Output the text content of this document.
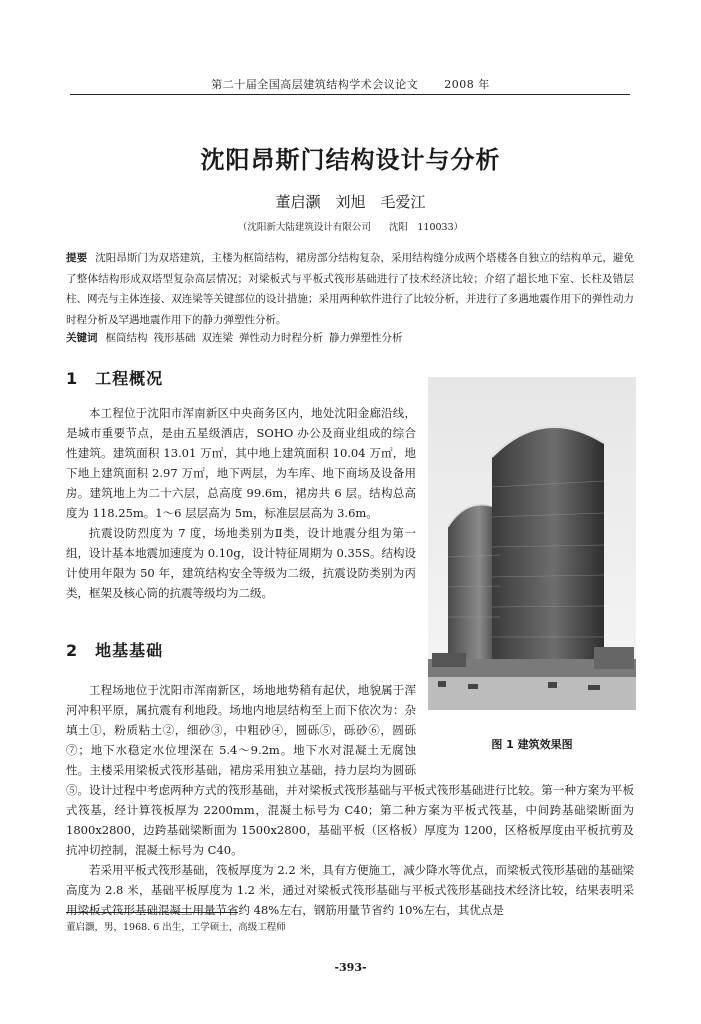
第二十届全国高层建筑结构学术会议论文 2008 年
沈阳昂斯门结构设计与分析
董启灏　刘旭　毛爱江
（沈阳新大陆建筑设计有限公司 沈阳　110033）
提要 沈阳昂斯门为双塔建筑，主楼为框筒结构，裙房部分结构复杂，采用结构缝分成两个塔楼各自独立的结构单元，避免了整体结构形成双塔型复杂高层情况；对梁板式与平板式筏形基础进行了技术经济比较；介绍了超长地下室、长柱及错层柱、网壳与主体连接、双连梁等关键部位的设计措施；采用两种软件进行了比较分析，并进行了多遇地震作用下的弹性动力时程分析及罕遇地震作用下的静力弹塑性分析。
关键词 框筒结构 筏形基础 双连梁 弹性动力时程分析 静力弹塑性分析
1　工程概况

本工程位于沈阳市浑南新区中央商务区内，地处沈阳金廊沿线，是城市重要节点，是由五星级酒店，SOHO 办公及商业组成的综合性建筑。建筑面积 13.01 万㎡，其中地上建筑面积 10.04 万㎡，地下地上建筑面积 2.97 万㎡，地下两层，为车库、地下商场及设备用房。建筑地上为二十六层，总高度 99.6m，裙房共 6 层。结构总高度为 118.25m。1～6 层层高为 5m，标准层层高为 3.6m。

抗震设防烈度为 7 度，场地类别为Ⅱ类，设计地震分组为第一组，设计基本地震加速度为 0.10g，设计特征周期为 0.35S。结构设计使用年限为 50 年，建筑结构安全等级为二级，抗震设防类别为丙类，框架及核心筒的抗震等级均为二级。

图 1 建筑效果图
2　地基基础

工程场地位于沈阳市浑南新区，场地地势稍有起伏，地貌属于浑河冲积平原，属抗震有利地段。场地内地层结构至上而下依次为：杂填土①，粉质粘土②，细砂③，中粗砂④，圆砾⑤，砾砂⑥，圆砾⑦；地下水稳定水位埋深在 5.4～9.2m。地下水对混凝土无腐蚀性。主楼采用梁板式筏形基础，裙房采用独立基础，持力层均为圆砾⑤。 设计过程中考虑两种方式的筏形基础，并对梁板式筏形基础与平板式筏形基础进行比较。第一种方案为平板式筏基，经计算筏板厚为 2200mm，混凝土标号为 C40；第二种方案为平板式筏基，中间跨基础梁断面为 1800x2800，边跨基础梁断面为 1500x2800，基础平板（区格板）厚度为 1200，区格板厚度由平板抗剪及抗冲切控制，混凝土标号为 C40。

若采用平板式筏形基础，筏板厚度为 2.2 米，具有方便施工，减少降水等优点，而梁板式筏形基础的基础梁高度为 2.8 米，基础平板厚度为 1.2 米，通过对梁板式筏形基础与平板式筏形基础技术经济比较，结果表明采用梁板式筏形基础混凝土用量节省约 48%左右，钢筋用量节省约 10%左右，其优点是

董启灏，男，1968. 6 出生，工学硕士，高级工程师
-393-
